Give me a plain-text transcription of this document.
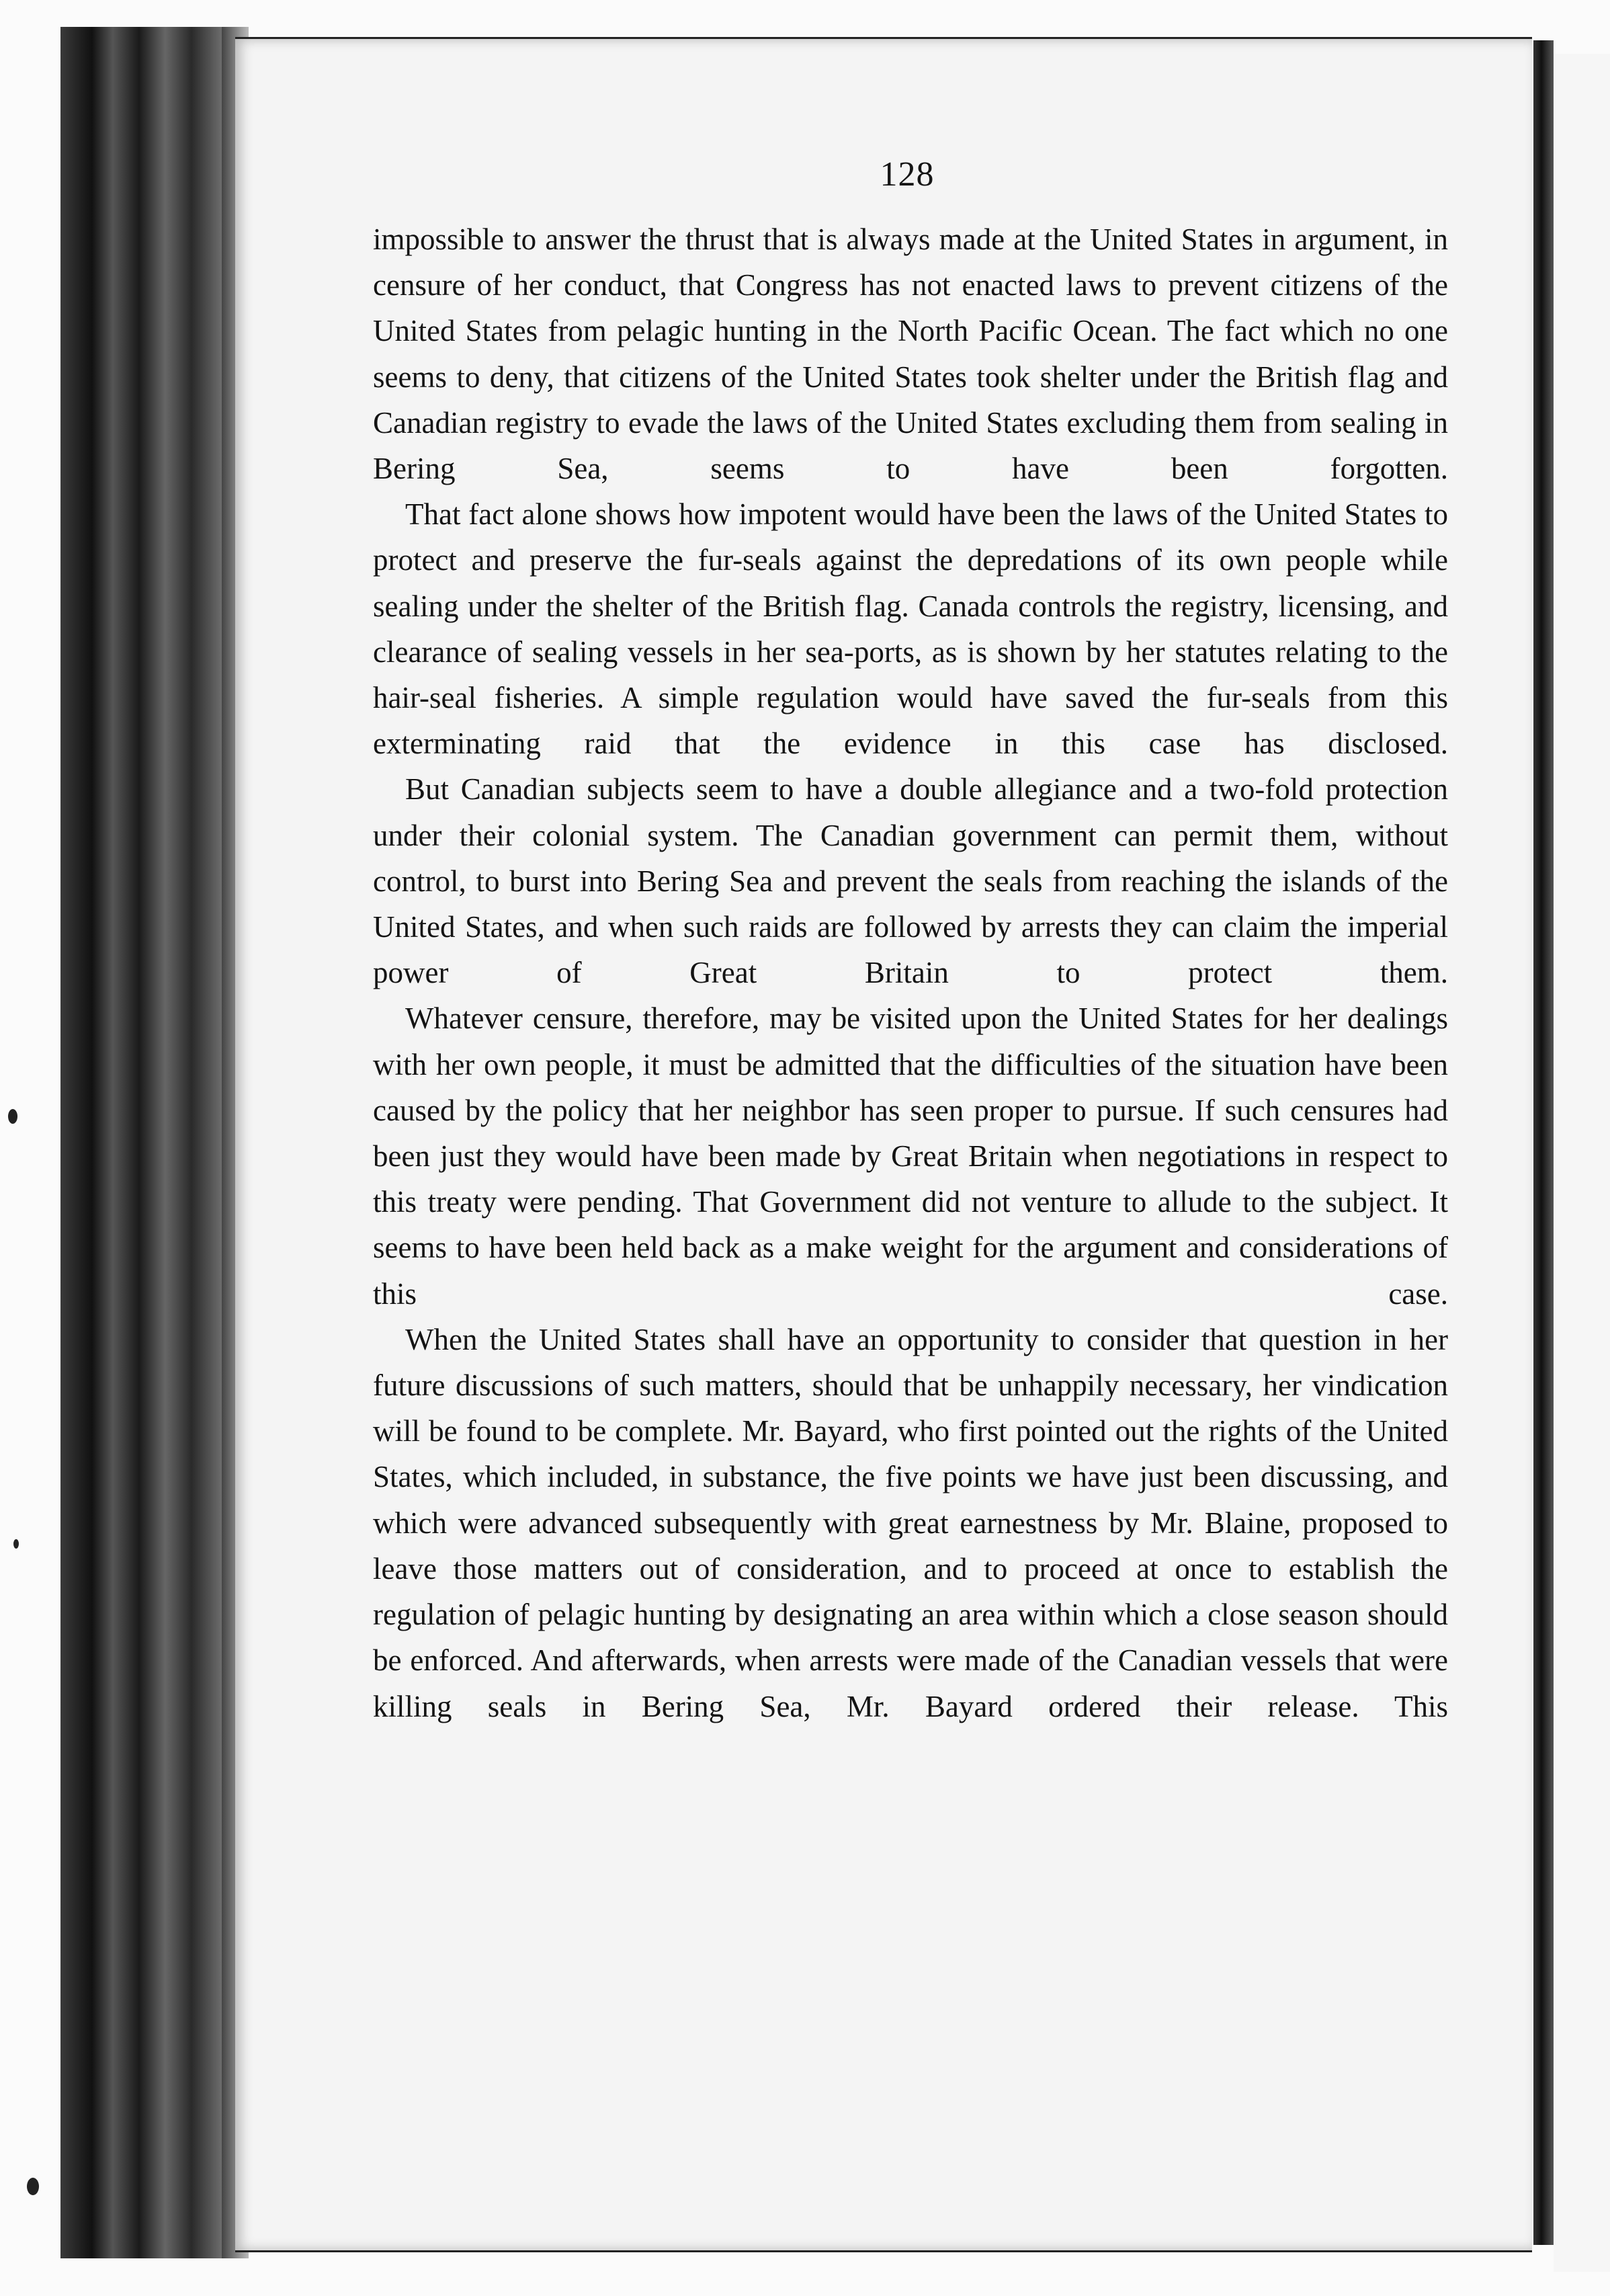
128

impossible to answer the thrust that is always made at the United States in argument, in censure of her conduct, that Congress has not enacted laws to prevent citizens of the United States from pelagic hunting in the North Pacific Ocean. The fact which no one seems to deny, that citizens of the United States took shelter under the British flag and Canadian registry to evade the laws of the United States excluding them from sealing in Bering Sea, seems to have been forgotten.

That fact alone shows how impotent would have been the laws of the United States to protect and preserve the fur-seals against the depredations of its own people while sealing under the shelter of the British flag. Canada controls the registry, licensing, and clearance of sealing vessels in her sea-ports, as is shown by her statutes relating to the hair-seal fisheries. A simple regulation would have saved the fur-seals from this exterminating raid that the evidence in this case has disclosed.

But Canadian subjects seem to have a double allegiance and a two-fold protection under their colonial system. The Canadian government can permit them, without control, to burst into Bering Sea and prevent the seals from reaching the islands of the United States, and when such raids are followed by arrests they can claim the imperial power of Great Britain to protect them.

Whatever censure, therefore, may be visited upon the United States for her dealings with her own people, it must be admitted that the difficulties of the situation have been caused by the policy that her neighbor has seen proper to pursue. If such censures had been just they would have been made by Great Britain when negotiations in respect to this treaty were pending. That Government did not venture to allude to the subject. It seems to have been held back as a make weight for the argument and considerations of this case.

When the United States shall have an opportunity to consider that question in her future discussions of such matters, should that be unhappily necessary, her vindication will be found to be complete. Mr. Bayard, who first pointed out the rights of the United States, which included, in substance, the five points we have just been discussing, and which were advanced subsequently with great earnestness by Mr. Blaine, proposed to leave those matters out of consideration, and to proceed at once to establish the regulation of pelagic hunting by designating an area within which a close season should be enforced. And afterwards, when arrests were made of the Canadian vessels that were killing seals in Bering Sea, Mr. Bayard ordered their release. This
